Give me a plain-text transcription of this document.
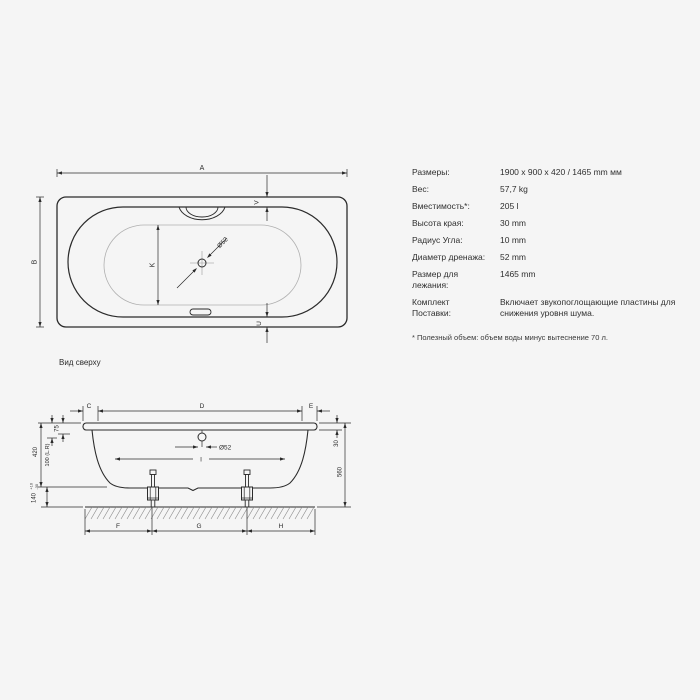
A
B
K
V
U
Ø52
Вид сверху
C	D	E
Ø52
I
75
100 (L.R)
420
140
+10 -30
30
560
F	G	H
Размеры:	1900 x 900 x 420 / 1465 mm мм
Вес:	57,7 kg
Вместимость*:	205 l
Высота края:	30 mm
Радиус Угла:	10 mm
Диаметр дренажа:	52 mm
Размер для лежания:
1465 mm
Комплект Поставки:
Включает звукопоглощающие пластины для снижения уровня шума.
* Полезный объем: объем воды минус вытеснение 70 л.
